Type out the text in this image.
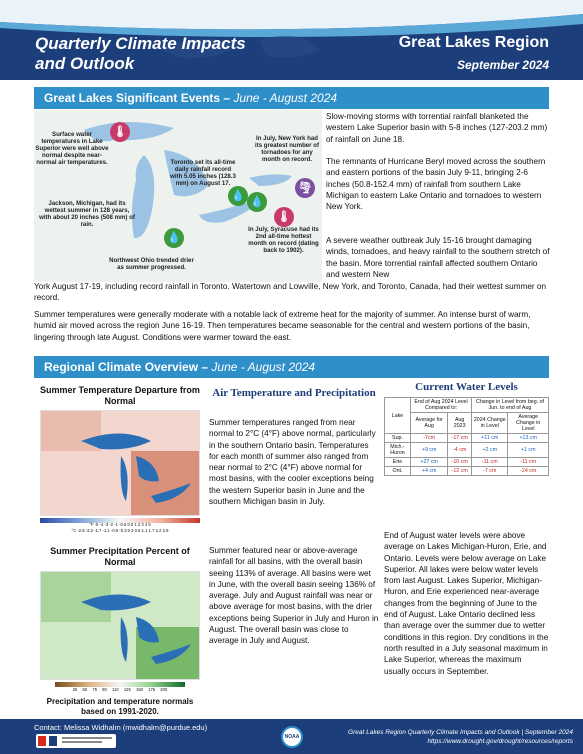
Quarterly Climate Impacts and Outlook
Great Lakes Region
September 2024
Great Lakes Significant Events – June - August 2024
Surface water temperatures in Lake Superior were well above normal despite near-normal air temperatures.
🌡
Toronto set its all-time daily rainfall record with 5.05 inches (128.3 mm) on August 17.
💧 💧
In July, New York had its greatest number of tornadoes for any month on record.
🌪
Jackson, Michigan, had its wettest summer in 128 years, with about 20 inches (508 mm) of rain.
💧
🌡
In July, Syracuse had its 2nd all-time hottest month on record (dating back to 1902).
Northwest Ohio trended drier as summer progressed.
Slow-moving storms with torrential rainfall blanketed the western Lake Superior basin with 5-8 inches (127-203.2 mm) of rainfall on June 18.
The remnants of Hurricane Beryl moved across the southern and eastern portions of the basin July 9-11, bringing 2-6 inches (50.8-152.4 mm) of rainfall from southern Lake Michigan to eastern Lake Ontario and tornadoes to western New York.
A severe weather outbreak July 15-16 brought damaging winds, tornadoes, and heavy rainfall to the southern stretch of the basin. More torrential rainfall affected southern Ontario and western New
York August 17-19, including record rainfall in Toronto. Watertown and Lowville, New York, and Toronto, Canada, had their wettest summer on record.
Summer temperatures were generally moderate with a notable lack of extreme heat for the majority of summer. An intense burst of warm, humid air moved across the region June 16-19. Then temperatures became seasonable for the central and western portions of the basin, lingering through late August. Conditions were warmer toward the east.
Regional Climate Overview – June - August 2024
Summer Temperature Departure from Normal
°F -5 -4 -3 -2 -1 -0.5 0.5 1 2 3 4 5
°C -2.8 -2.2 -1.7 -1.1 -0.6 -0.3 0.3 0.6 1.1 1.7 2.2 2.8
Summer Precipitation Percent of Normal
25 50 75 90 110 125 150 175 200
Precipitation and temperature normals based on 1991-2020.
Air Temperature and Precipitation
Summer temperatures ranged from near normal to 2°C (4°F) above normal, particularly in the southern Ontario basin. Temperatures for each month of summer also ranged from near normal to 2°C (4°F) above normal for most basins, with the cooler exceptions being the western Superior basin in June and the southern Michigan basin in July.
Summer featured near or above-average rainfall for all basins, with the overall basin seeing 113% of average. All basins were wet in June, with the overall basin seeing 136% of average. July and August rainfall was near or above average for most basins, with the drier exceptions being Superior in July and Huron in August. The overall basin was close to average in July and August.
Current Water Levels
Lake	End of Aug 2024 Level Compared to:		Change in Level from beg. of Jun. to end of Aug	
	Average for Aug	Aug 2023	2024 Change in Level	Average Change in Level
Sup.	-7cm	-17 cm	+11 cm	+13 cm
Mich.-Huron	+9 cm	-4 cm	+2 cm	+1 cm
Erie	+27 cm	-10 cm	-11 cm	-11 cm
Ont.	+4 cm	-12 cm	-7 cm	-24 cm
End of August water levels were above average on Lakes Michigan-Huron, Erie, and Ontario. Levels were below average on Lake Superior. All lakes were below water levels from last August. Lakes Superior, Michigan-Huron, and Erie experienced near-average changes from the beginning of June to the end of August. Lake Ontario declined less than average over the summer due to wetter conditions in this region. Dry conditions in the north resulted in a July seasonal maximum in Lake Superior, whereas the maximum usually occurs in September.
Contact: Melissa Widhalm (mwidhalm@purdue.edu)
NOAA
Great Lakes Region Quarterly Climate Impacts and Outlook | September 2024
https://www.drought.gov/drought/resources/reports
